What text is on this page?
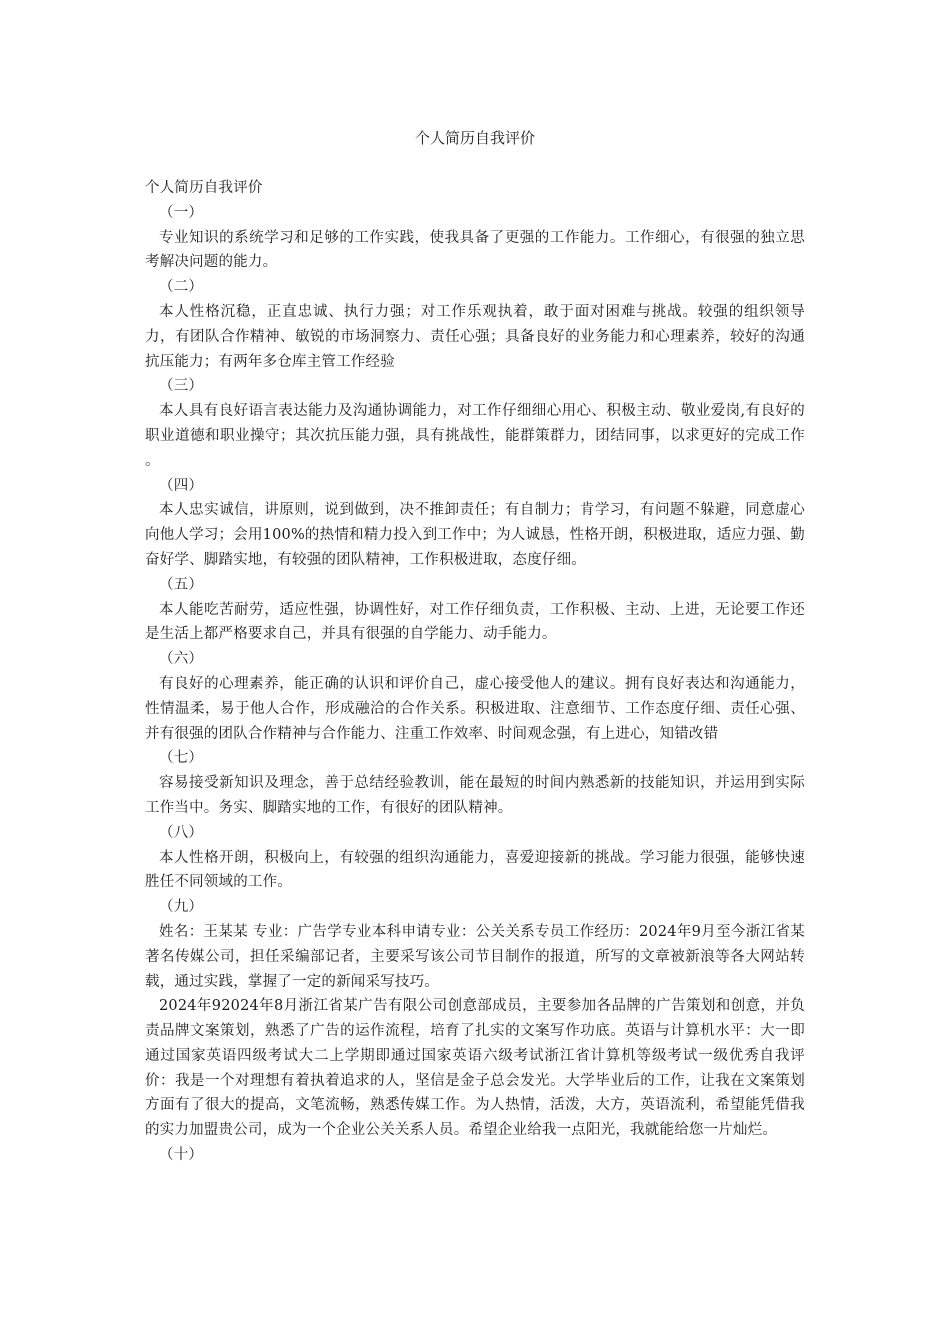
个人简历自我评价

个人简历自我评价

（一）

专业知识的系统学习和足够的工作实践，使我具备了更强的工作能力。工作细心，有很强的独立思考解决问题的能力。

（二）

本人性格沉稳，正直忠诚、执行力强；对工作乐观执着，敢于面对困难与挑战。较强的组织领导力，有团队合作精神、敏锐的市场洞察力、责任心强；具备良好的业务能力和心理素养，较好的沟通抗压能力；有两年多仓库主管工作经验

（三）

本人具有良好语言表达能力及沟通协调能力，对工作仔细细心用心、积极主动、敬业爱岗,有良好的职业道德和职业操守；其次抗压能力强，具有挑战性，能群策群力，团结同事，以求更好的完成工作 。

（四）

本人忠实诚信，讲原则，说到做到，决不推卸责任；有自制力；肯学习，有问题不躲避，同意虚心向他人学习；会用100%的热情和精力投入到工作中；为人诚恳，性格开朗，积极进取，适应力强、勤奋好学、脚踏实地，有较强的团队精神，工作积极进取，态度仔细。

（五）

本人能吃苦耐劳，适应性强，协调性好，对工作仔细负责，工作积极、主动、上进，无论要工作还是生活上都严格要求自己，并具有很强的自学能力、动手能力。

（六）

有良好的心理素养，能正确的认识和评价自己，虚心接受他人的建议。拥有良好表达和沟通能力，性情温柔，易于他人合作，形成融洽的合作关系。积极进取、注意细节、工作态度仔细、责任心强、并有很强的团队合作精神与合作能力、注重工作效率、时间观念强，有上进心，知错改错

（七）

容易接受新知识及理念，善于总结经验教训，能在最短的时间内熟悉新的技能知识，并运用到实际工作当中。务实、脚踏实地的工作，有很好的团队精神。

（八）

本人性格开朗，积极向上，有较强的组织沟通能力，喜爱迎接新的挑战。学习能力很强，能够快速胜任不同领域的工作。

（九）

姓名：王某某 专业：广告学专业本科申请专业：公关关系专员工作经历：2024年9月至今浙江省某著名传媒公司，担任采编部记者，主要采写该公司节目制作的报道，所写的文章被新浪等各大网站转载，通过实践，掌握了一定的新闻采写技巧。

2024年92024年8月浙江省某广告有限公司创意部成员，主要参加各品牌的广告策划和创意，并负责品牌文案策划，熟悉了广告的运作流程，培育了扎实的文案写作功底。英语与计算机水平：大一即通过国家英语四级考试大二上学期即通过国家英语六级考试浙江省计算机等级考试一级优秀自我评价：我是一个对理想有着执着追求的人，坚信是金子总会发光。大学毕业后的工作，让我在文案策划方面有了很大的提高，文笔流畅，熟悉传媒工作。为人热情，活泼，大方，英语流利，希望能凭借我的实力加盟贵公司，成为一个企业公关关系人员。希望企业给我一点阳光，我就能给您一片灿烂。

（十）
